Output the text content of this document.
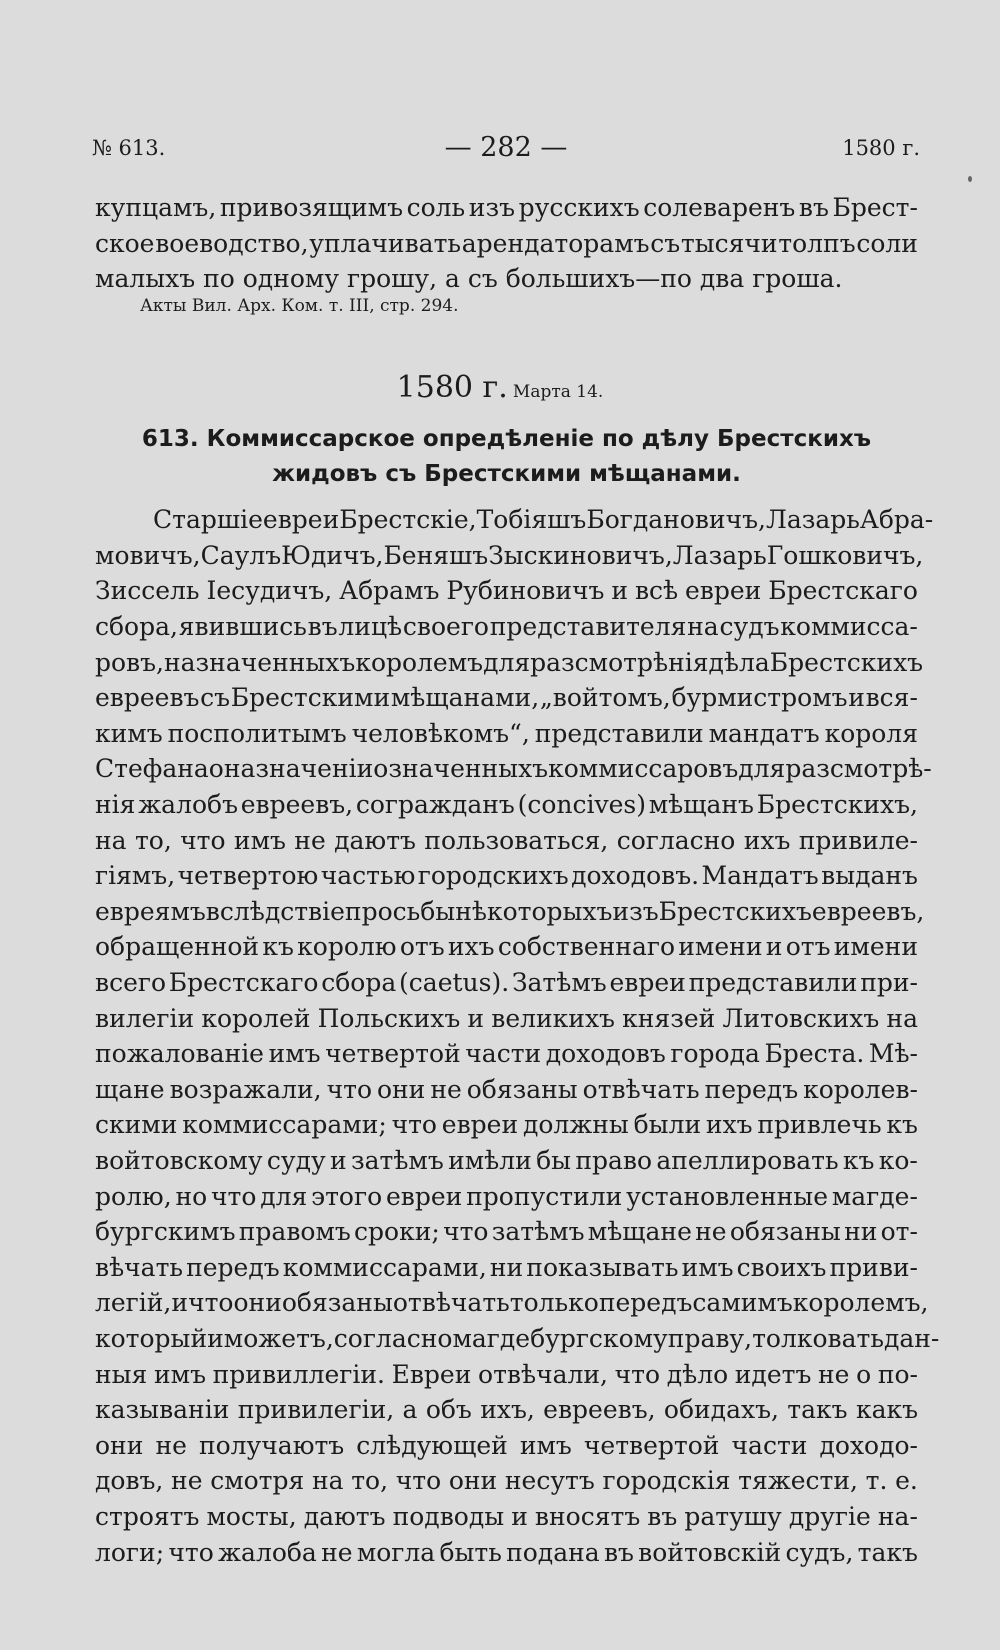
№ 613.	— 282 —	1580 г.
купцамъ, привозящимъ соль изъ русскихъ солеваренъ въ Брест-
ское воеводство, уплачивать арендаторамъ съ тысячи толпъ соли
малыхъ по одному грошу, а съ большихъ—по два гроша.
Акты Вил. Арх. Ком. т. III, стр. 294.
1580 г. Марта 14.
613. Коммиссарское опредѣленіе по дѣлу Брестскихъ жидовъ съ Брестскими мѣщанами.
Старшіе евреи Брестскіе, Тобіяшъ Богдановичъ, Лазарь Абра-
мовичъ, Саулъ Юдичъ, Беняшъ Зыскиновичъ, Лазарь Гошковичъ,
Зиссель Іесудичъ, Абрамъ Рубиновичъ и всѣ евреи Брестскаго
сбора, явившись въ лицѣ своего представителя на судъ коммисса-
ровъ, назначенныхъ королемъ для разсмотрѣнія дѣла Брестскихъ
евреевъ съ Брестскими мѣщанами, „войтомъ, бурмистромъ и вся-
кимъ посполитымъ человѣкомъ“, представили мандатъ короля
Стефана о назначеніи означенныхъ коммиссаровъ для разсмотрѣ-
нія жалобъ евреевъ, согражданъ (concives) мѣщанъ Брестскихъ,
на то, что имъ не даютъ пользоваться, согласно ихъ привиле-
гіямъ, четвертою частью городскихъ доходовъ. Мандатъ выданъ
евреямъ вслѣдствіе просьбы нѣкоторыхъ изъ Брестскихъ евреевъ,
обращенной къ королю отъ ихъ собственнаго имени и отъ имени
всего Брестскаго сбора (caetus). Затѣмъ евреи представили при-
вилегіи королей Польскихъ и великихъ князей Литовскихъ на
пожалованіе имъ четвертой части доходовъ города Бреста. Мѣ-
щане возражали, что они не обязаны отвѣчать передъ королев-
скими коммиссарами; что евреи должны были ихъ привлечь къ
войтовскому суду и затѣмъ имѣли бы право апеллировать къ ко-
ролю, но что для этого евреи пропустили установленные магде-
бургскимъ правомъ сроки; что затѣмъ мѣщане не обязаны ни от-
вѣчать передъ коммиссарами, ни показывать имъ своихъ приви-
легій, и что они обязаны отвѣчать только передъ самимъ королемъ,
который и можетъ, согласно магдебургскому праву, толковать дан-
ныя имъ привиллегіи. Евреи отвѣчали, что дѣло идетъ не о по-
казываніи привилегіи, а объ ихъ, евреевъ, обидахъ, такъ какъ
они не получаютъ слѣдующей имъ четвертой части доходо-
довъ, не смотря на то, что они несутъ городскія тяжести, т. е.
строятъ мосты, даютъ подводы и вносятъ въ ратушу другіе на-
логи; что жалоба не могла быть подана въ войтовскій судъ, такъ
